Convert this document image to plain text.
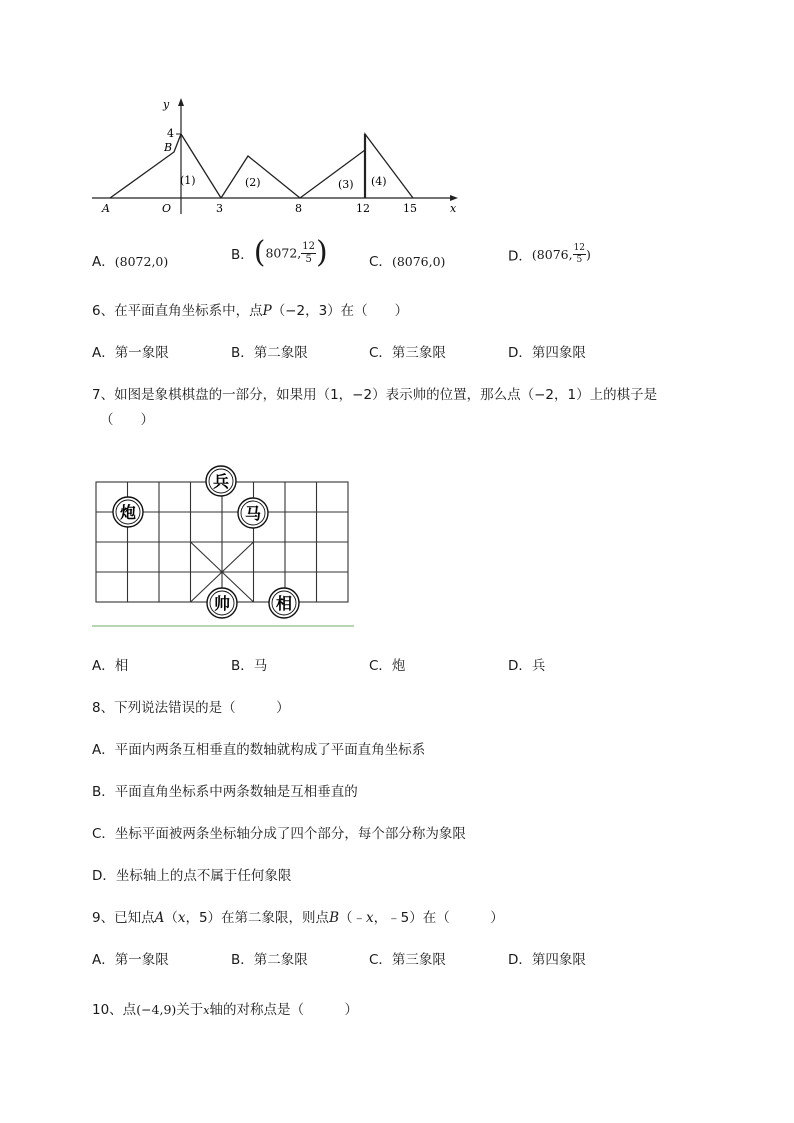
y
4
B
A	O	3	8	12	15	x
(1)	(2)	(3) (4)
A．(8072,0)	B．(8072, $\frac{12}{5}$ )	C．(8076,0)	D．(8076, $\frac{12}{5}$ )
6、在平面直角坐标系中，点P（−2，3）在（　　）
A．第一象限	B．第二象限	C．第三象限	D．第四象限
7、如图是象棋棋盘的一部分，如果用（1，−2）表示帅的位置，那么点（−2，1）上的棋子是
（　　）
兵
炮	马
帅	相
A．相	B．马	C．炮	D．兵
8、下列说法错误的是（　　　）
A．平面内两条互相垂直的数轴就构成了平面直角坐标系
B．平面直角坐标系中两条数轴是互相垂直的
C．坐标平面被两条坐标轴分成了四个部分，每个部分称为象限
D．坐标轴上的点不属于任何象限
9、已知点A（x，5）在第二象限，则点B（﹣x，﹣5）在（　　　）
A．第一象限	B．第二象限	C．第三象限	D．第四象限
10、点(−4,9)关于x轴的对称点是（　　　）
